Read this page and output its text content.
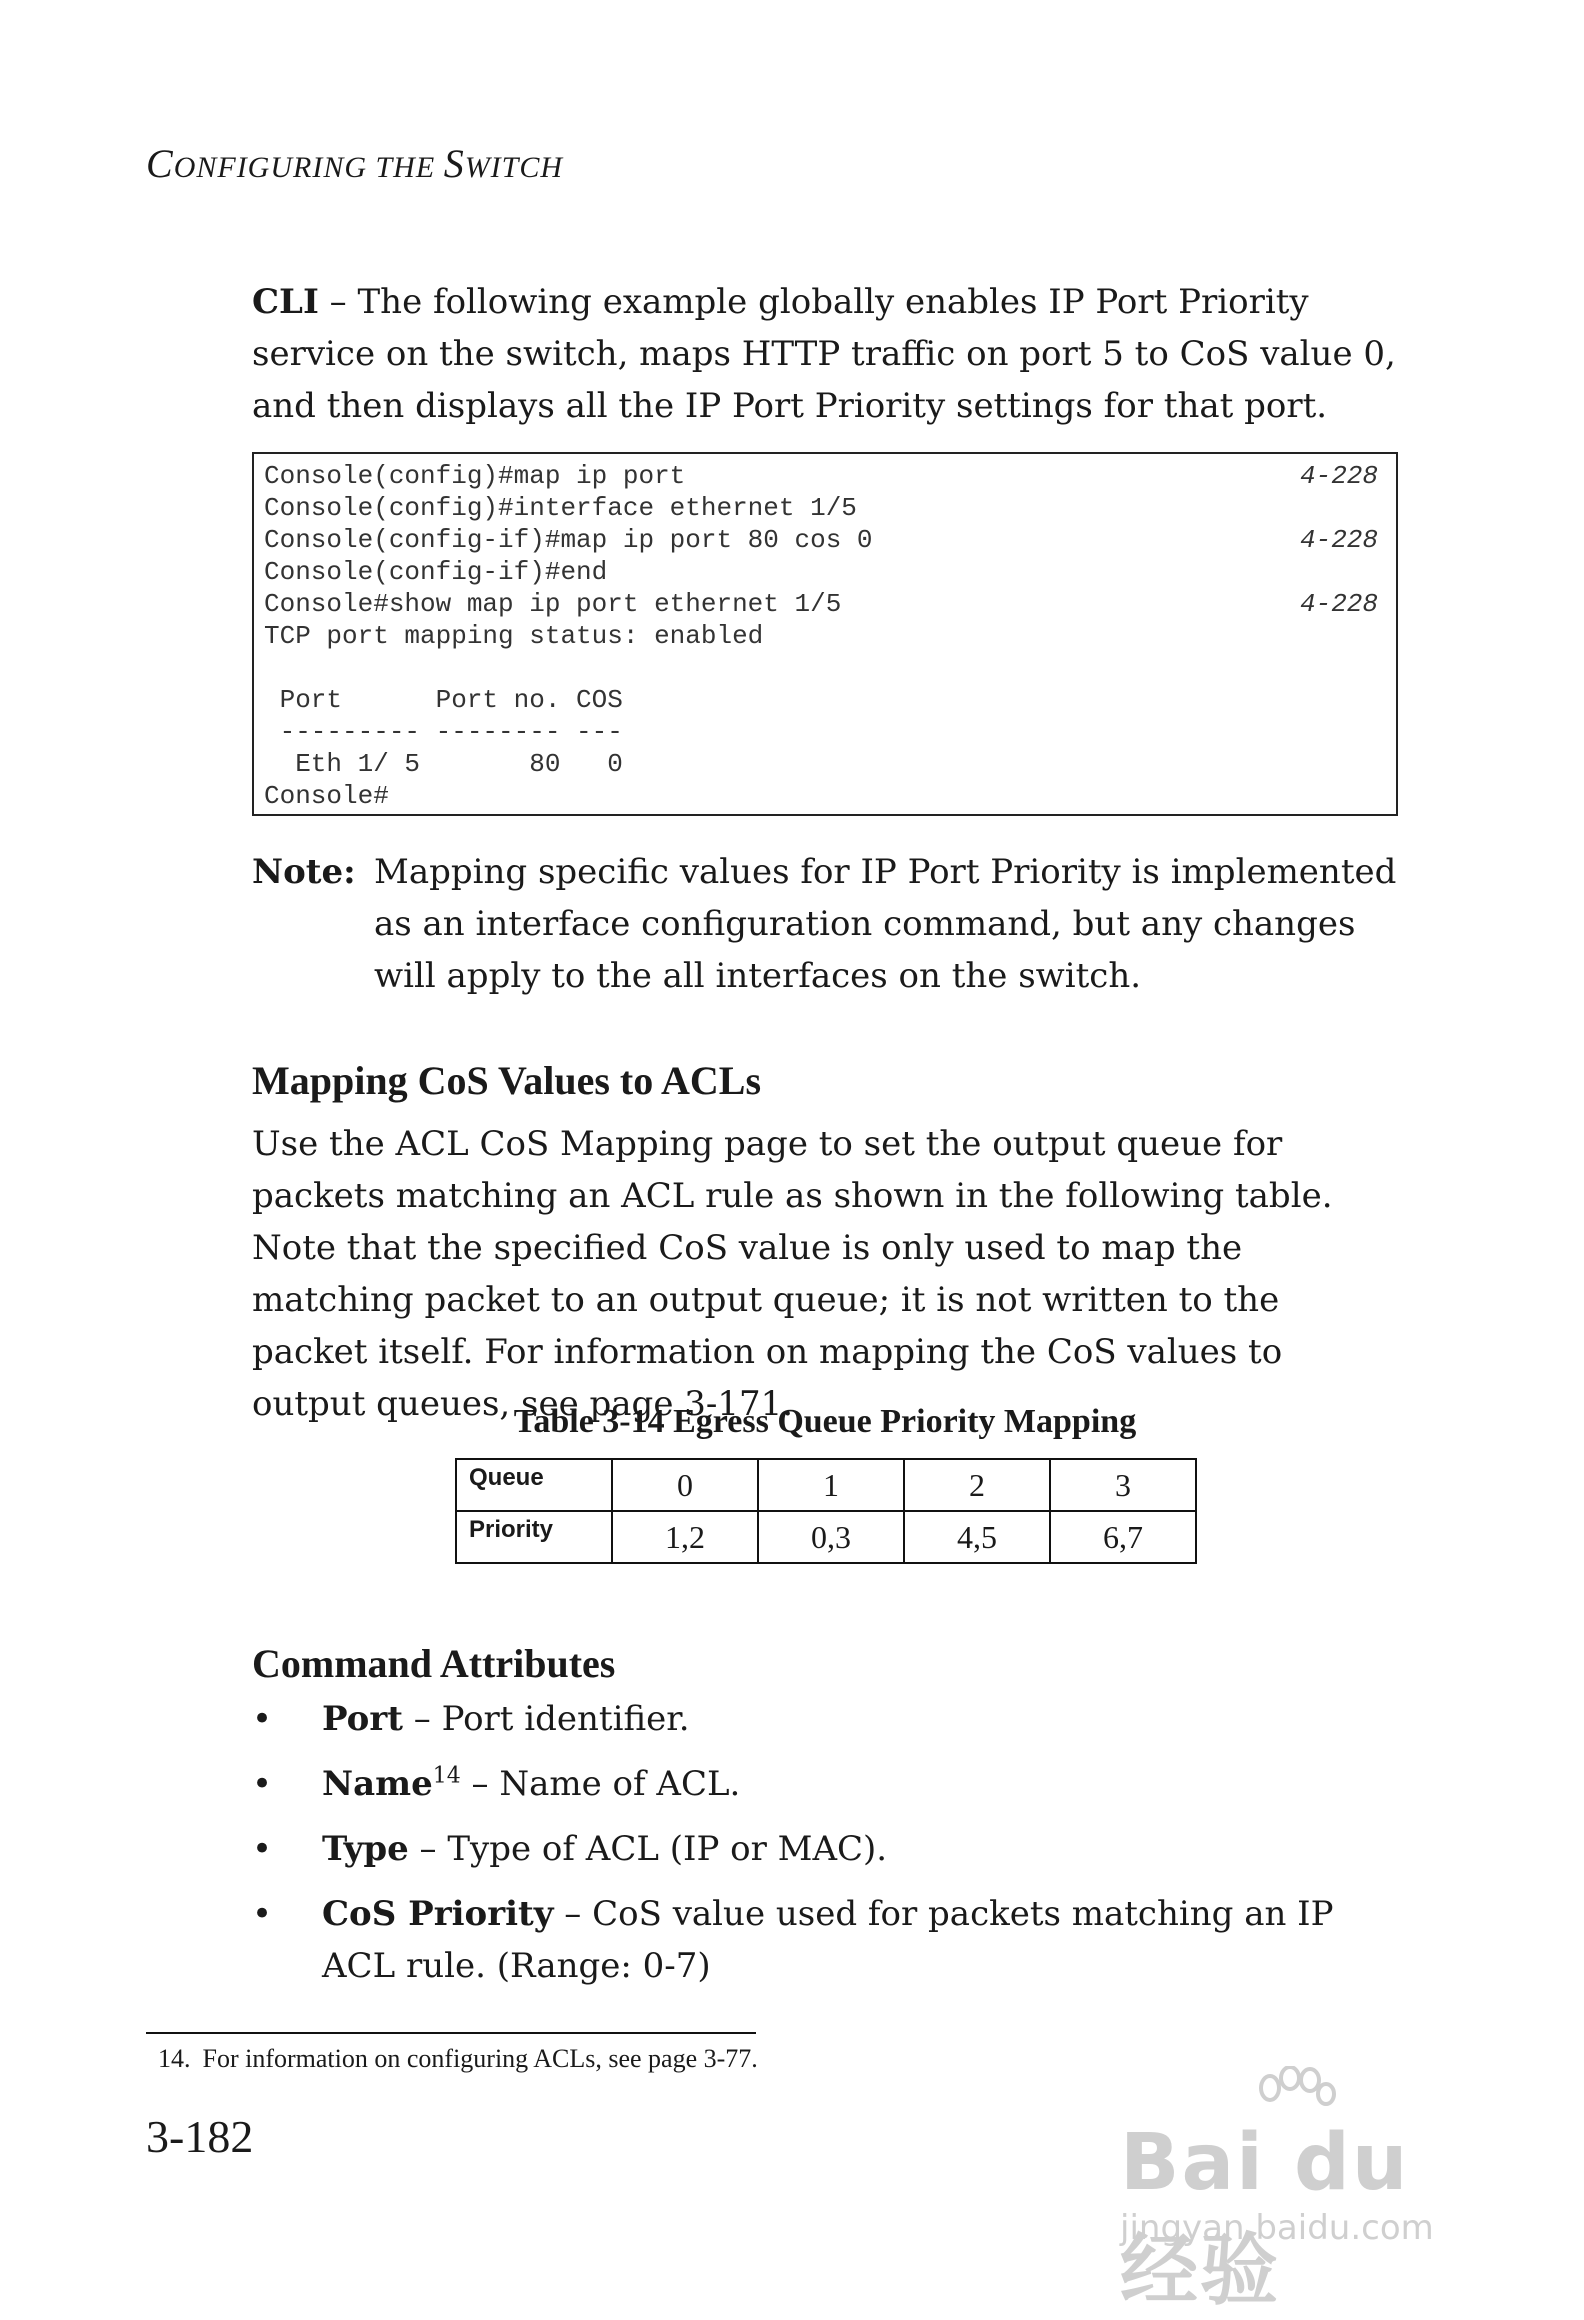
CONFIGURING THE SWITCH

CLI – The following example globally enables IP Port Priority service on the switch, maps HTTP traffic on port 5 to CoS value 0, and then displays all the IP Port Priority settings for that port.

Console(config)#map ip port	4-228
Console(config)#interface ethernet 1/5
Console(config-if)#map ip port 80 cos 0	4-228
Console(config-if)#end
Console#show map ip port ethernet 1/5	4-228
TCP port mapping status: enabled
Port      Port no. COS
--------- -------- ---
Eth 1/ 5       80   0
Console#
Note: Mapping specific values for IP Port Priority is implemented as an interface configuration command, but any changes will apply to the all interfaces on the switch.
Mapping CoS Values to ACLs

Use the ACL CoS Mapping page to set the output queue for packets matching an ACL rule as shown in the following table. Note that the specified CoS value is only used to map the matching packet to an output queue; it is not written to the packet itself. For information on mapping the CoS values to output queues, see page 3-171.

Table 3-14 Egress Queue Priority Mapping
Queue	0	1	2	3
Priority	1,2	0,3	4,5	6,7
Command Attributes
• Port – Port identifier.
• Name$^{14}$ – Name of ACL.
• Type – Type of ACL (IP or MAC).
• CoS Priority – CoS value used for packets matching an IP ACL rule. (Range: 0-7)
14. For information on configuring ACLs, see page 3-77.
3-182	Bai du 经验
jingyan.baidu.com
